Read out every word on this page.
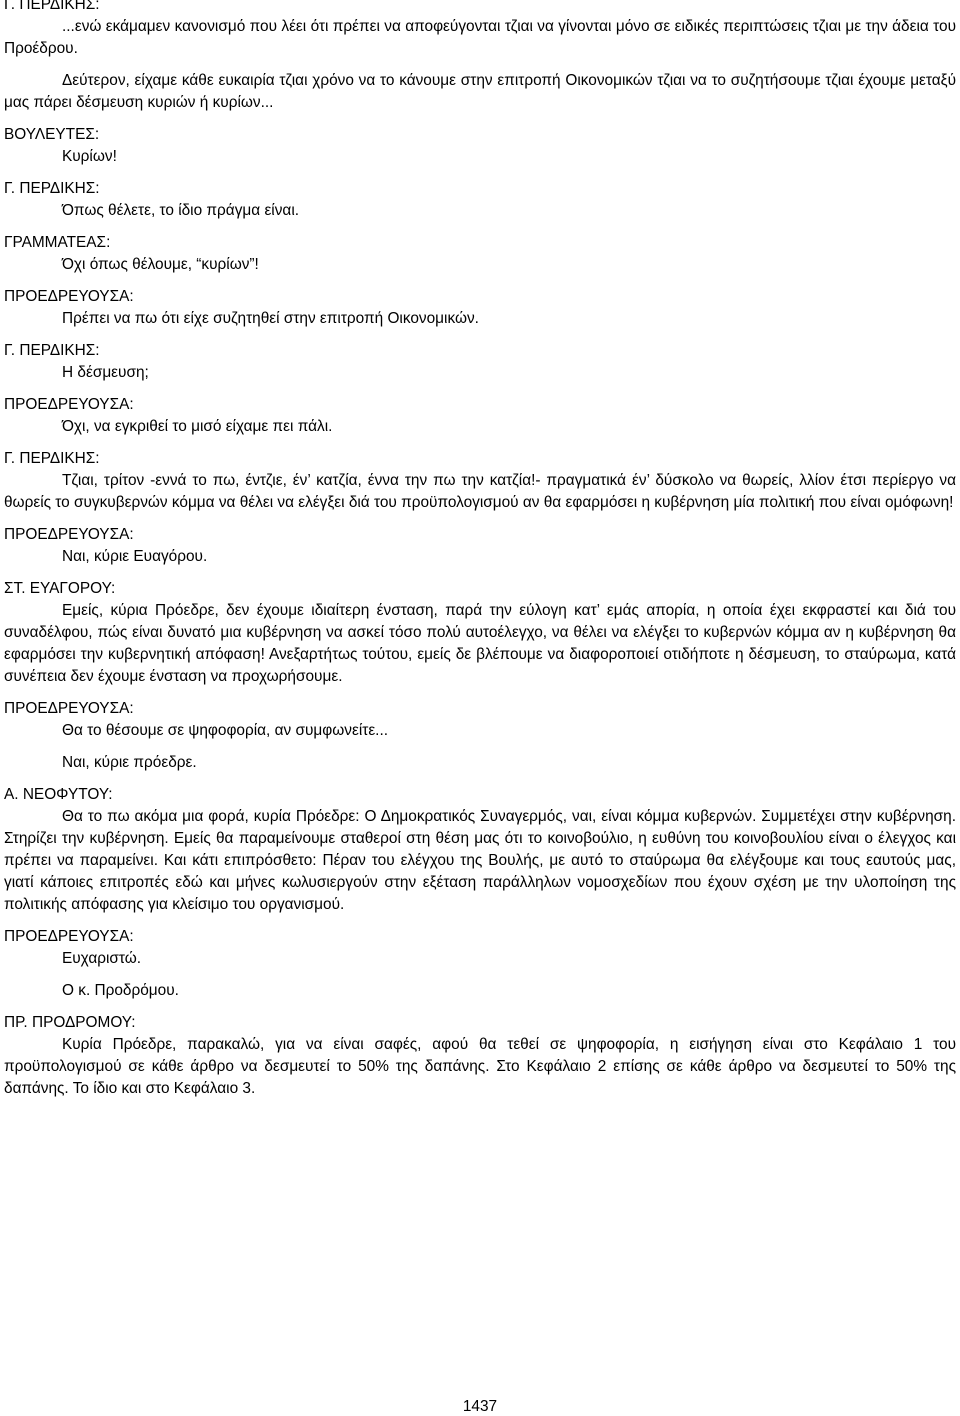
Γ. ΠΕΡΔΙΚΗΣ:

...ενώ εκάμαμεν κανονισμό που λέει ότι πρέπει να αποφεύγονται τζιαι να γίνονται μόνο σε ειδικές περιπτώσεις τζιαι με την άδεια του Προέδρου.

Δεύτερον, είχαμε κάθε ευκαιρία τζιαι χρόνο να το κάνουμε στην επιτροπή Οικονομικών τζιαι να το συζητήσουμε τζιαι έχουμε μεταξύ μας πάρει δέσμευση κυριών ή κυρίων...

ΒΟΥΛΕΥΤΕΣ:

Κυρίων!

Γ. ΠΕΡΔΙΚΗΣ:

Όπως θέλετε, το ίδιο πράγμα είναι.

ΓΡΑΜΜΑΤΕΑΣ:

Όχι όπως θέλουμε, “κυρίων”!

ΠΡΟΕΔΡΕΥΟΥΣΑ:

Πρέπει να πω ότι είχε συζητηθεί στην επιτροπή Οικονομικών.

Γ. ΠΕΡΔΙΚΗΣ:

Η δέσμευση;

ΠΡΟΕΔΡΕΥΟΥΣΑ:

Όχι, να εγκριθεί το μισό είχαμε πει πάλι.

Γ. ΠΕΡΔΙΚΗΣ:

Τζιαι, τρίτον -εννά το πω, έντζιε, έν’ κατζία, έννα την πω την κατζία!- πραγματικά έν’ δύσκολο να θωρείς, λλίον έτσι περίεργο να θωρείς το συγκυβερνών κόμμα να θέλει να ελέγξει διά του προϋπολογισμού αν θα εφαρμόσει η κυβέρνηση μία πολιτική που είναι ομόφωνη!

ΠΡΟΕΔΡΕΥΟΥΣΑ:

Ναι, κύριε Ευαγόρου.

ΣΤ. ΕΥΑΓΟΡΟΥ:

Εμείς, κύρια Πρόεδρε, δεν έχουμε ιδιαίτερη ένσταση, παρά την εύλογη κατ’ εμάς απορία, η οποία έχει εκφραστεί και διά του συναδέλφου, πώς είναι δυνατό μια κυβέρνηση να ασκεί τόσο πολύ αυτοέλεγχο, να θέλει να ελέγξει το κυβερνών κόμμα αν η κυβέρνηση θα εφαρμόσει την κυβερνητική απόφαση! Ανεξαρτήτως τούτου, εμείς δε βλέπουμε να διαφοροποιεί οτιδήποτε η δέσμευση, το σταύρωμα, κατά συνέπεια δεν έχουμε ένσταση να προχωρήσουμε.

ΠΡΟΕΔΡΕΥΟΥΣΑ:

Θα το θέσουμε σε ψηφοφορία, αν συμφωνείτε...

Ναι, κύριε πρόεδρε.

Α. ΝΕΟΦΥΤΟΥ:

Θα το πω ακόμα μια φορά, κυρία Πρόεδρε: Ο Δημοκρατικός Συναγερμός, ναι, είναι κόμμα κυβερνών. Συμμετέχει στην κυβέρνηση. Στηρίζει την κυβέρνηση. Εμείς θα παραμείνουμε σταθεροί στη θέση μας ότι το κοινοβούλιο, η ευθύνη του κοινοβουλίου είναι ο έλεγχος και πρέπει να παραμείνει. Και κάτι επιπρόσθετο: Πέραν του ελέγχου της Βουλής, με αυτό το σταύρωμα θα ελέγξουμε και τους εαυτούς μας, γιατί κάποιες επιτροπές εδώ και μήνες κωλυσιεργούν στην εξέταση παράλληλων νομοσχεδίων που έχουν σχέση με την υλοποίηση της πολιτικής απόφασης για κλείσιμο του οργανισμού.

ΠΡΟΕΔΡΕΥΟΥΣΑ:

Ευχαριστώ.

Ο κ. Προδρόμου.

ΠΡ. ΠΡΟΔΡΟΜΟΥ:

Κυρία Πρόεδρε, παρακαλώ, για να είναι σαφές, αφού θα τεθεί σε ψηφοφορία, η εισήγηση είναι στο Κεφάλαιο 1 του προϋπολογισμού σε κάθε άρθρο να δεσμευτεί το 50% της δαπάνης. Στο Κεφάλαιο 2 επίσης σε κάθε άρθρο να δεσμευτεί το 50% της δαπάνης. Το ίδιο και στο Κεφάλαιο 3.

1437
